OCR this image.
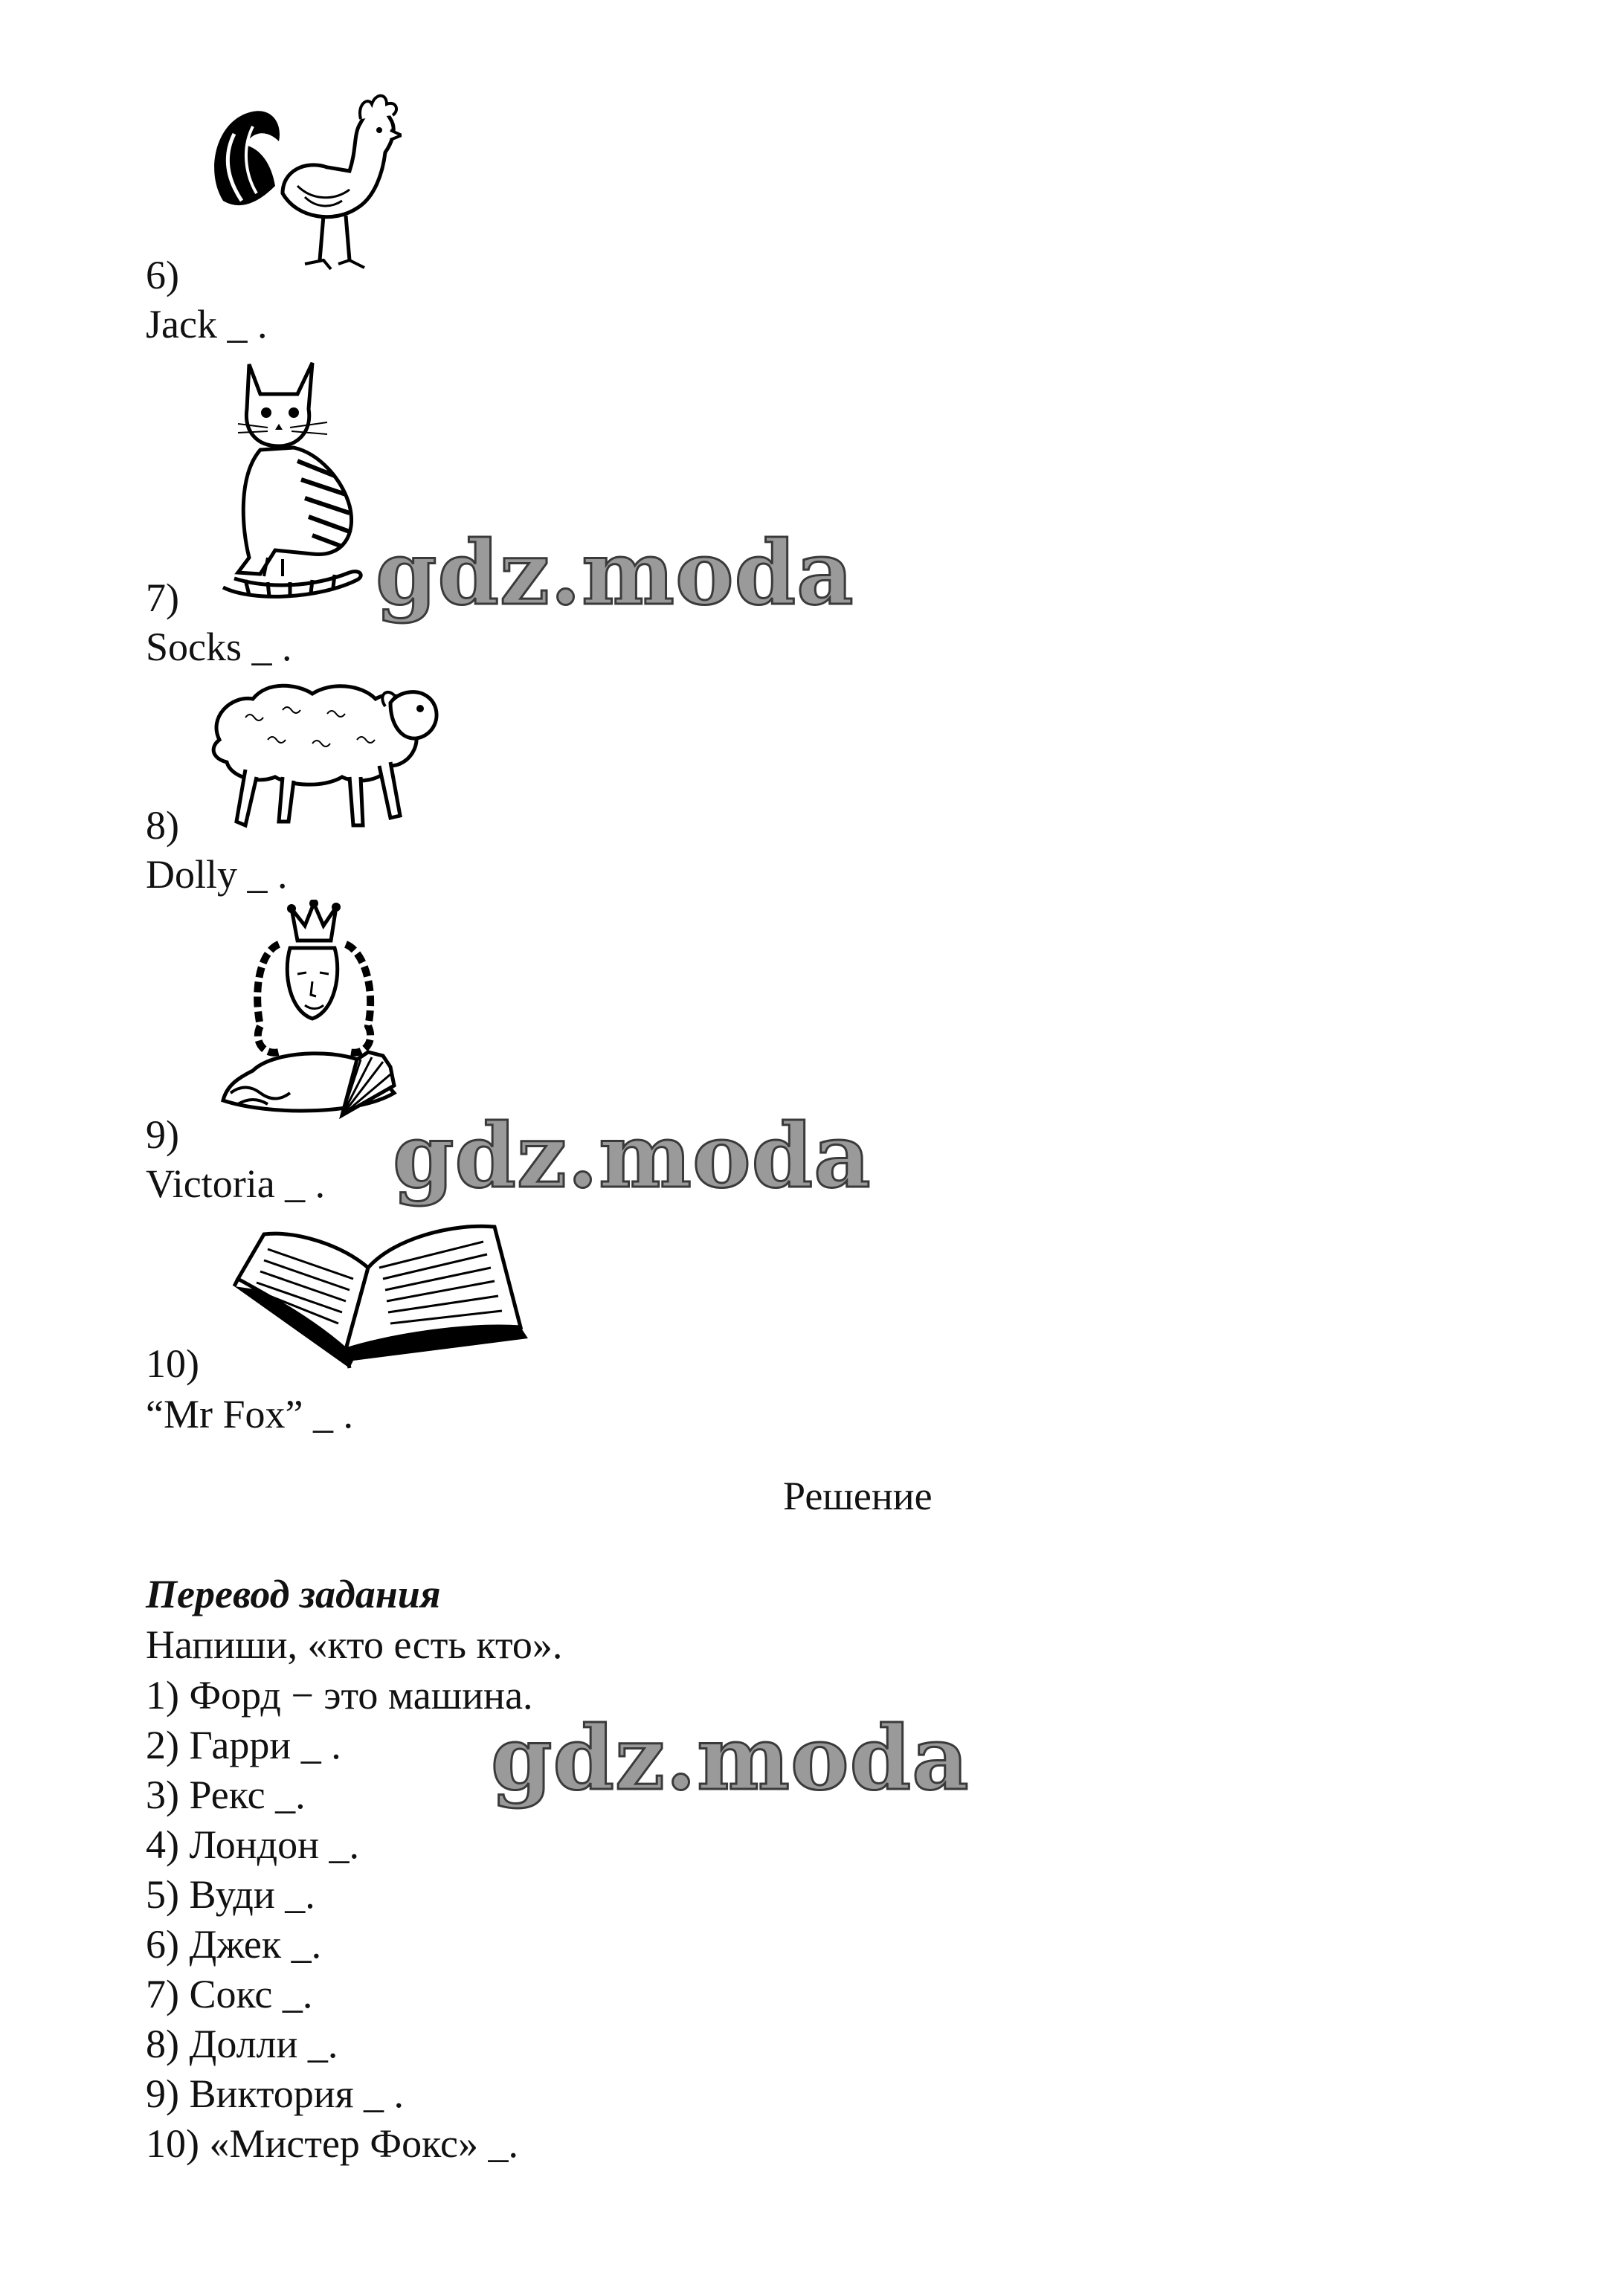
6)
Jack _ .
gdz.moda
7)
Socks _ .
8)
Dolly _ .
gdz.moda
9)
Victoria _ .
10)
“Mr Fox” _ .
Решение
Перевод задания
Напиши, «кто есть кто».
1) Форд − это машина.
2) Гарри _ .
3) Рекс _.
4) Лондон _.
5) Вуди _.
6) Джек _.
7) Сокс _.
8) Долли _.
9) Виктория _ .
10) «Мистер Фокс» _.
gdz.moda
